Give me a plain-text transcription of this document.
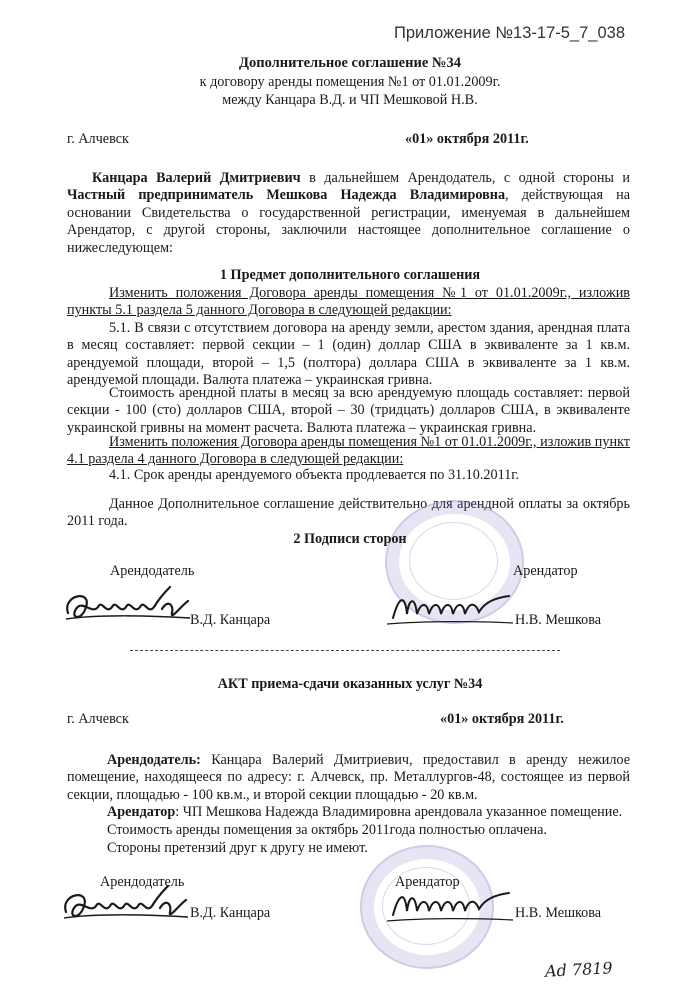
Приложение №13-17-5_7_038
Дополнительное соглашение №34
к договору аренды помещения №1 от 01.01.2009г.
между Канцара В.Д. и ЧП Мешковой Н.В.
г. Алчевск	«01» октября 2011г.
Канцара Валерий Дмитриевич в дальнейшем Арендодатель, с одной стороны и Частный предприниматель Мешкова Надежда Владимировна, действующая на основании Свидетельства о государственной регистрации, именуемая в дальнейшем Арендатор, с другой стороны, заключили настоящее дополнительное соглашение о нижеследующем:
1 Предмет дополнительного соглашения
Изменить положения Договора аренды помещения №1 от 01.01.2009г., изложив пункты 5.1 раздела 5 данного Договора в следующей редакции:
5.1. В связи с отсутствием договора на аренду земли, арестом здания, арендная плата в месяц составляет: первой секции – 1 (один) доллар США в эквиваленте за 1 кв.м. арендуемой площади, второй – 1,5 (полтора) доллара США в эквиваленте за 1 кв.м. арендуемой площади. Валюта платежа – украинская гривна.
Стоимость арендной платы в месяц за всю арендуемую площадь составляет: первой секции - 100 (сто) долларов США, второй – 30 (тридцать) долларов США, в эквиваленте украинской гривны на момент расчета. Валюта платежа – украинская гривна.
Изменить положения Договора аренды помещения №1 от 01.01.2009г., изложив пункт 4.1 раздела 4 данного Договора в следующей редакции:
4.1. Срок аренды арендуемого объекта продлевается по 31.10.2011г.
Данное Дополнительное соглашение действительно для арендной оплаты за октябрь 2011 года.
2 Подписи сторон
Арендодатель	Арендатор
В.Д. Канцара	Н.В. Мешкова
АКТ приема-сдачи оказанных услуг №34
г. Алчевск	«01» октября 2011г.
Арендодатель: Канцара Валерий Дмитриевич, предоставил в аренду нежилое помещение, находящееся по адресу: г. Алчевск, пр. Металлургов-48, состоящее из первой секции, площадью - 100 кв.м., и второй секции площадью - 20 кв.м.
Арендатор: ЧП Мешкова Надежда Владимировна арендовала указанное помещение.
Стоимость аренды помещения за октябрь 2011года полностью оплачена.
Стороны претензий друг к другу не имеют.
Арендодатель	Арендатор
В.Д. Канцара	Н.В. Мешкова
Ad 7819
